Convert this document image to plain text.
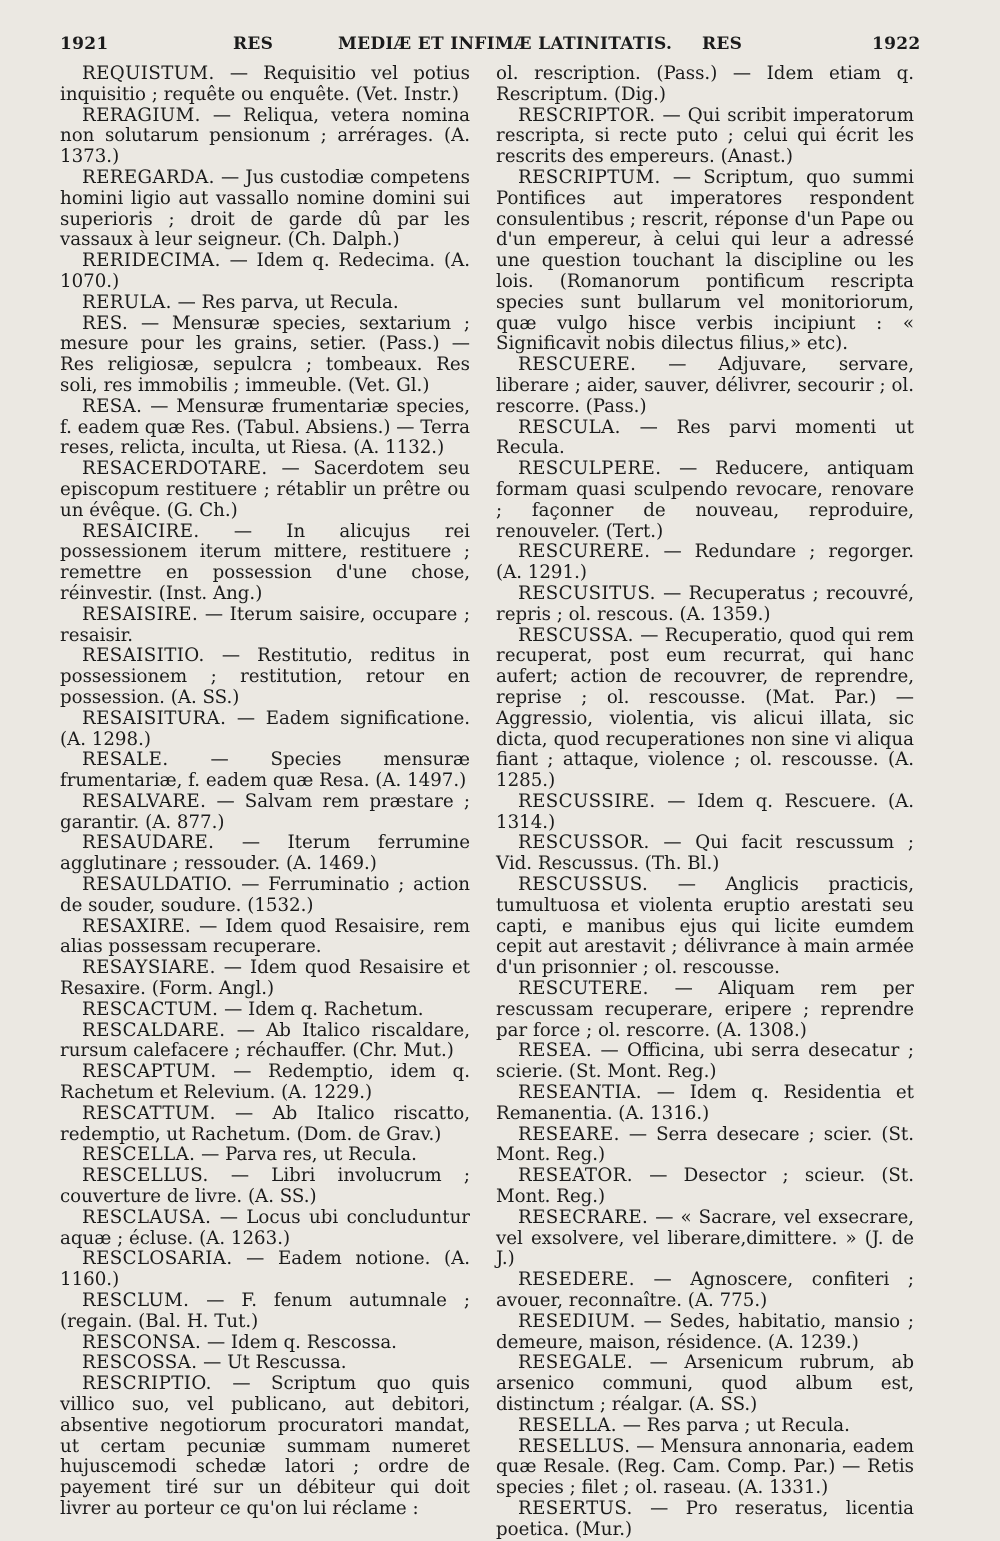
1921	RES	MEDIÆ ET INFIMÆ LATINITATIS. RES	1922

REQUISTUM. — Requisitio vel potius inquisitio ; requête ou enquête. (Vet. Instr.)

RERAGIUM. — Reliqua, vetera nomina non solutarum pensionum ; arrérages. (A. 1373.)

REREGARDA. — Jus custodiæ competens homini ligio aut vassallo nomine domini sui superioris ; droit de garde dû par les vassaux à leur seigneur. (Ch. Dalph.)

RERIDECIMA. — Idem q. Redecima. (A. 1070.)

RERULA. — Res parva, ut Recula.

RES. — Mensuræ species, sextarium ; mesure pour les grains, setier. (Pass.) — Res religiosæ, sepulcra ; tombeaux. Res soli, res immobilis ; immeuble. (Vet. Gl.)

RESA. — Mensuræ frumentariæ species, f. eadem quæ Res. (Tabul. Absiens.) — Terra reses, relicta, inculta, ut Riesa. (A. 1132.)

RESACERDOTARE. — Sacerdotem seu episcopum restituere ; rétablir un prêtre ou un évêque. (G. Ch.)

RESAICIRE. — In alicujus rei possessionem iterum mittere, restituere ; remettre en possession d'une chose, réinvestir. (Inst. Ang.)

RESAISIRE. — Iterum saisire, occupare ; resaisir.

RESAISITIO. — Restitutio, reditus in possessionem ; restitution, retour en possession. (A. SS.)

RESAISITURA. — Eadem significatione. (A. 1298.)

RESALE. — Species mensuræ frumentariæ, f. eadem quæ Resa. (A. 1497.)

RESALVARE. — Salvam rem præstare ; garantir. (A. 877.)

RESAUDARE. — Iterum ferrumine agglutinare ; ressouder. (A. 1469.)

RESAULDATIO. — Ferruminatio ; action de souder, soudure. (1532.)

RESAXIRE. — Idem quod Resaisire, rem alias possessam recuperare.

RESAYSIARE. — Idem quod Resaisire et Resaxire. (Form. Angl.)

RESCACTUM. — Idem q. Rachetum.

RESCALDARE. — Ab Italico riscaldare, rursum calefacere ; réchauffer. (Chr. Mut.)

RESCAPTUM. — Redemptio, idem q. Rachetum et Relevium. (A. 1229.)

RESCATTUM. — Ab Italico riscatto, redemptio, ut Rachetum. (Dom. de Grav.)

RESCELLA. — Parva res, ut Recula.

RESCELLUS. — Libri involucrum ; couverture de livre. (A. SS.)

RESCLAUSA. — Locus ubi concluduntur aquæ ; écluse. (A. 1263.)

RESCLOSARIA. — Eadem notione. (A. 1160.)

RESCLUM. — F. fenum autumnale ; (regain. (Bal. H. Tut.)

RESCONSA. — Idem q. Rescossa.

RESCOSSA. — Ut Rescussa.

RESCRIPTIO. — Scriptum quo quis villico suo, vel publicano, aut debitori, absentive negotiorum procuratori mandat, ut certam pecuniæ summam numeret hujuscemodi schedæ latori ; ordre de payement tiré sur un débiteur qui doit livrer au porteur ce qu'on lui réclame :

ol. rescription. (Pass.) — Idem etiam q. Rescriptum. (Dig.)

RESCRIPTOR. — Qui scribit imperatorum rescripta, si recte puto ; celui qui écrit les rescrits des empereurs. (Anast.)

RESCRIPTUM. — Scriptum, quo summi Pontifices aut imperatores respondent consulentibus ; rescrit, réponse d'un Pape ou d'un empereur, à celui qui leur a adressé une question touchant la discipline ou les lois. (Romanorum pontificum rescripta species sunt bullarum vel monitoriorum, quæ vulgo hisce verbis incipiunt : « Significavit nobis dilectus filius,» etc).

RESCUERE. — Adjuvare, servare, liberare ; aider, sauver, délivrer, secourir ; ol. rescorre. (Pass.)

RESCULA. — Res parvi momenti ut Recula.

RESCULPERE. — Reducere, antiquam formam quasi sculpendo revocare, renovare ; façonner de nouveau, reproduire, renouveler. (Tert.)

RESCURERE. — Redundare ; regorger. (A. 1291.)

RESCUSITUS. — Recuperatus ; recouvré, repris ; ol. rescous. (A. 1359.)

RESCUSSA. — Recuperatio, quod qui rem recuperat, post eum recurrat, qui hanc aufert; action de recouvrer, de reprendre, reprise ; ol. rescousse. (Mat. Par.) — Aggressio, violentia, vis alicui illata, sic dicta, quod recuperationes non sine vi aliqua fiant ; attaque, violence ; ol. rescousse. (A. 1285.)

RESCUSSIRE. — Idem q. Rescuere. (A. 1314.)

RESCUSSOR. — Qui facit rescussum ; Vid. Rescussus. (Th. Bl.)

RESCUSSUS. — Anglicis practicis, tumultuosa et violenta eruptio arestati seu capti, e manibus ejus qui licite eumdem cepit aut arestavit ; délivrance à main armée d'un prisonnier ; ol. rescousse.

RESCUTERE. — Aliquam rem per rescussam recuperare, eripere ; reprendre par force ; ol. rescorre. (A. 1308.)

RESEA. — Officina, ubi serra desecatur ; scierie. (St. Mont. Reg.)

RESEANTIA. — Idem q. Residentia et Remanentia. (A. 1316.)

RESEARE. — Serra desecare ; scier. (St. Mont. Reg.)

RESEATOR. — Desector ; scieur. (St. Mont. Reg.)

RESECRARE. — « Sacrare, vel exsecrare, vel exsolvere, vel liberare,dimittere. » (J. de J.)

RESEDERE. — Agnoscere, confiteri ; avouer, reconnaître. (A. 775.)

RESEDIUM. — Sedes, habitatio, mansio ; demeure, maison, résidence. (A. 1239.)

RESEGALE. — Arsenicum rubrum, ab arsenico communi, quod album est, distinctum ; réalgar. (A. SS.)

RESELLA. — Res parva ; ut Recula.

RESELLUS. — Mensura annonaria, eadem quæ Resale. (Reg. Cam. Comp. Par.) — Retis species ; filet ; ol. raseau. (A. 1331.)

RESERTUS. — Pro reseratus, licentia poetica. (Mur.)
